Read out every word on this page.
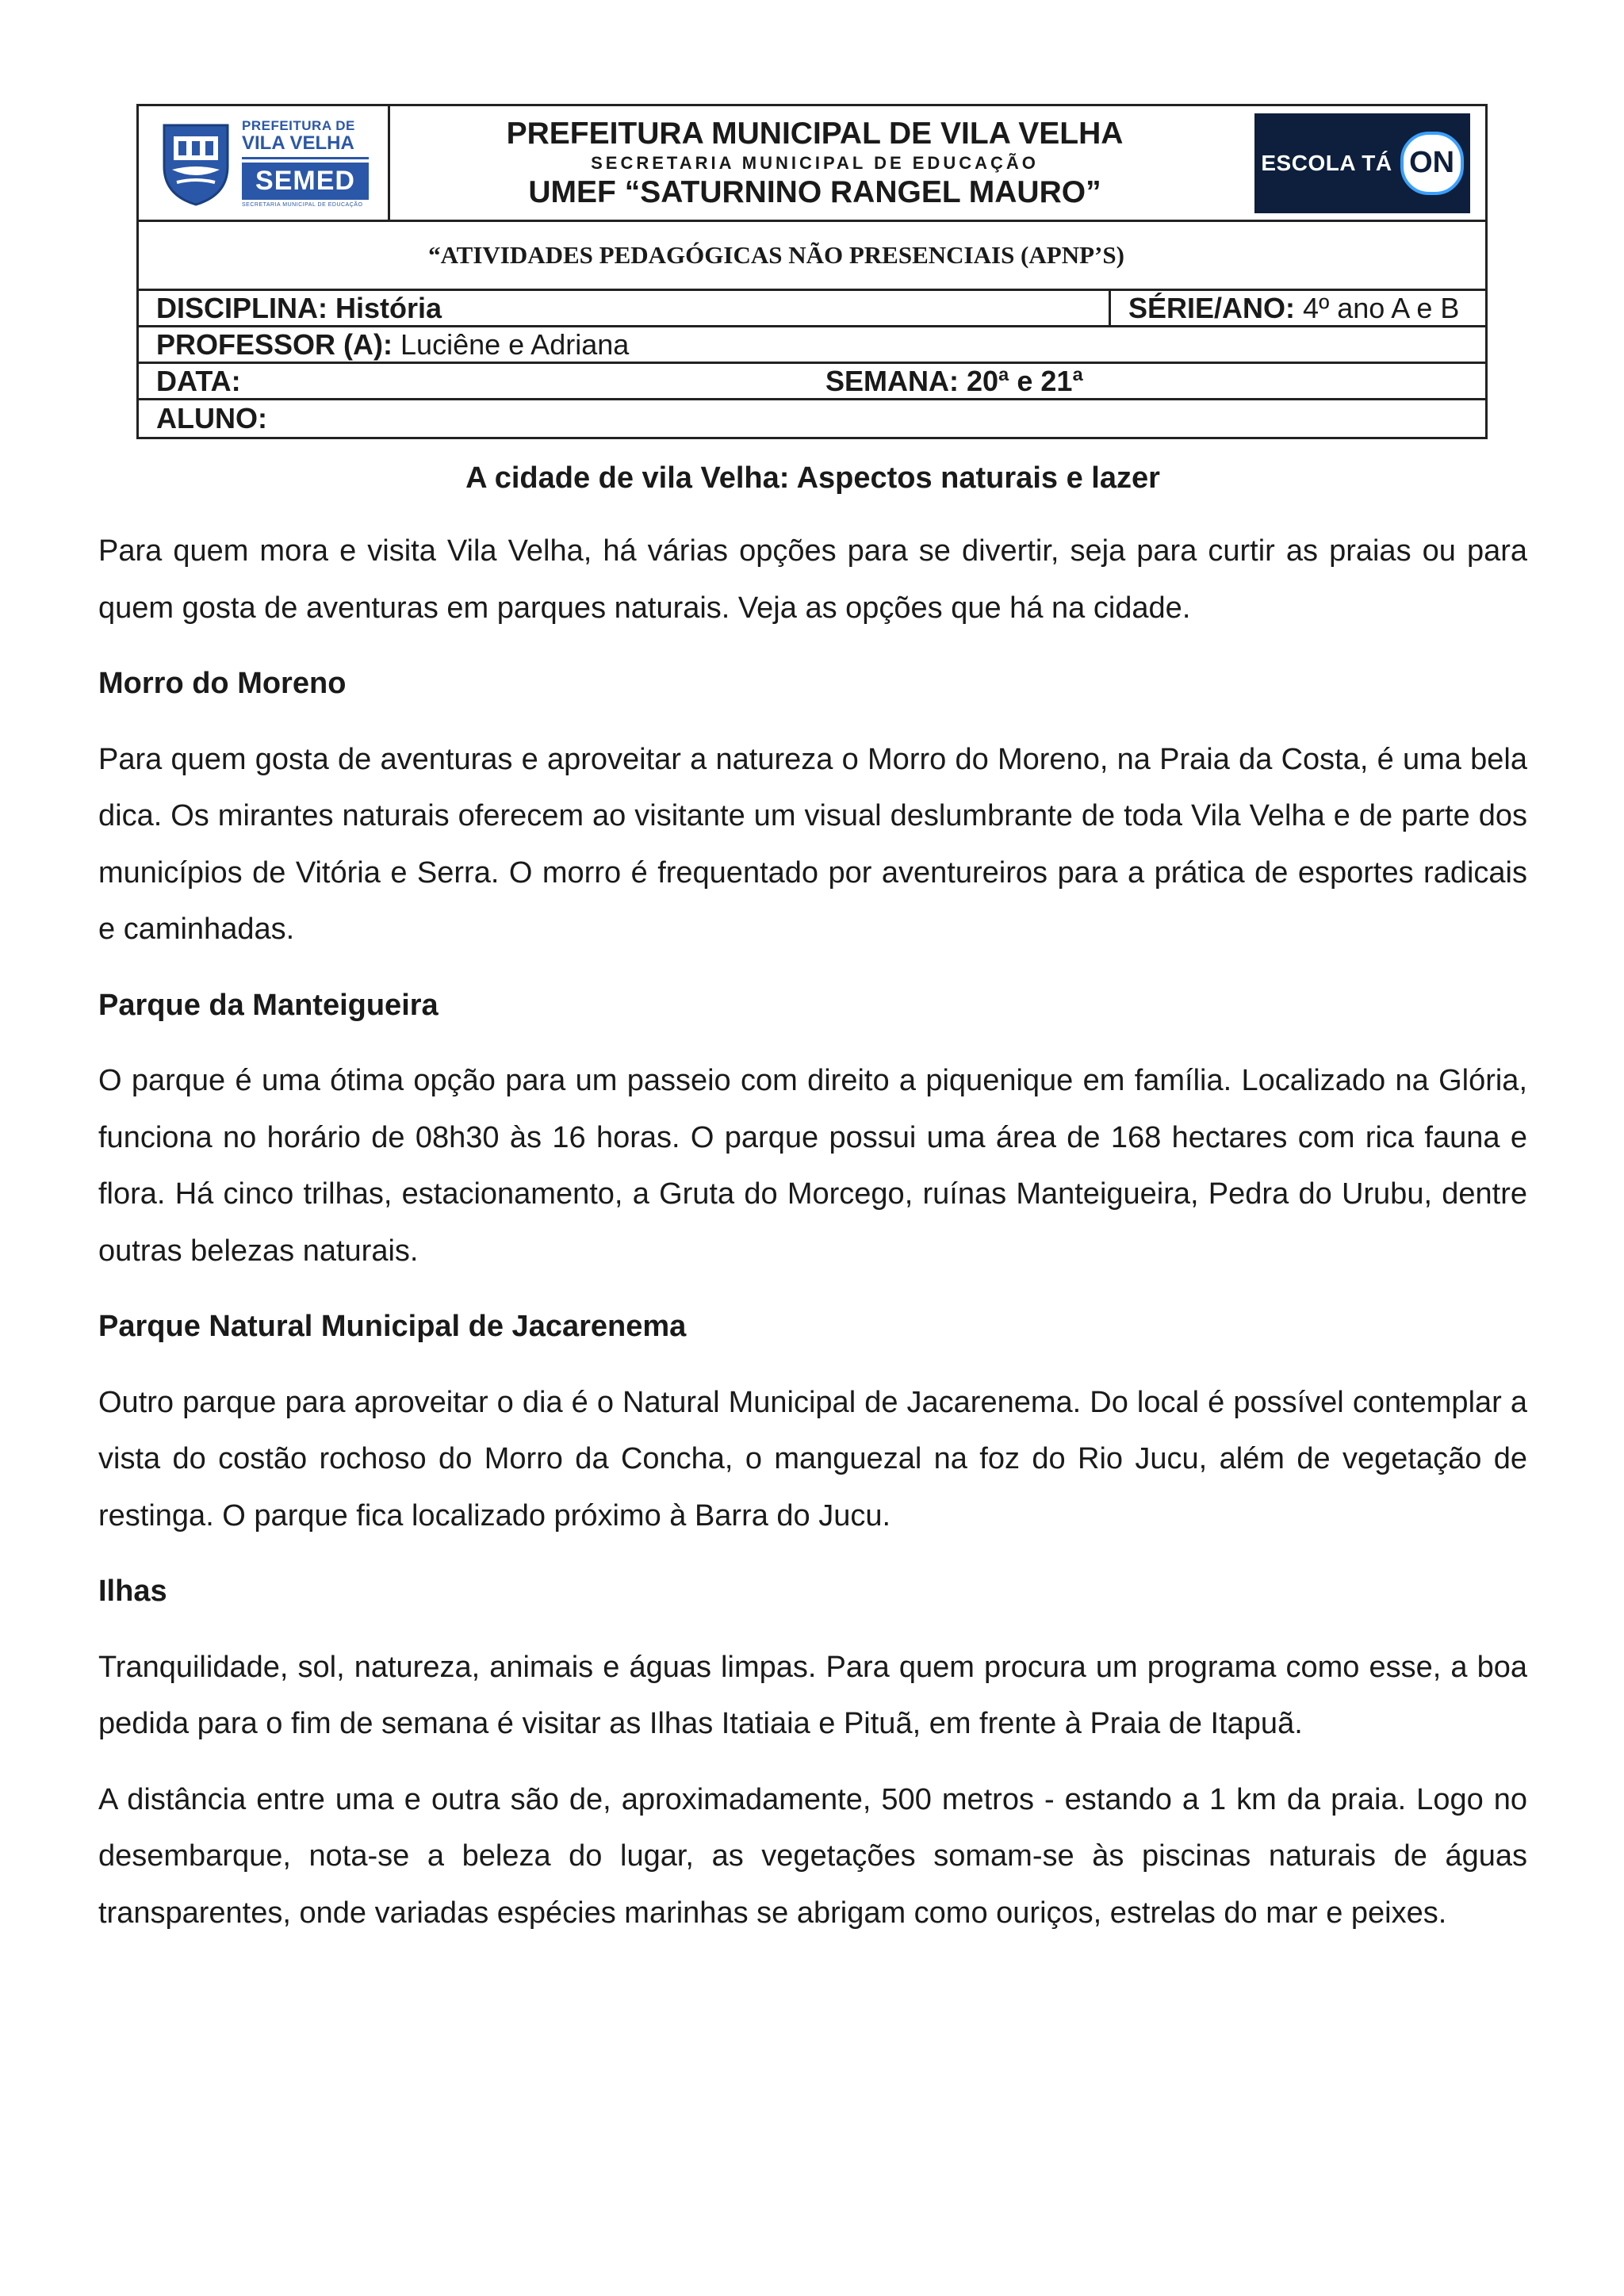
PREFEITURA DE
VILA VELHA
SEMED
SECRETARIA MUNICIPAL DE EDUCAÇÃO
PREFEITURA MUNICIPAL DE VILA VELHA
SECRETARIA MUNICIPAL DE EDUCAÇÃO
UMEF “SATURNINO RANGEL MAURO”
ESCOLA TÁ ON
“ATIVIDADES PEDAGÓGICAS NÃO PRESENCIAIS (APNP’S)
DISCIPLINA:
História	SÉRIE/ANO:
4º ano A e B
PROFESSOR (A):
Luciêne e Adriana
DATA:	SEMANA:
20ª e 21ª
ALUNO:
A cidade de vila Velha: Aspectos naturais e lazer

Para quem mora e visita Vila Velha, há várias opções para se divertir, seja para curtir as praias ou para quem gosta de aventuras em parques naturais. Veja as opções que há na cidade.

Morro do Moreno

Para quem gosta de aventuras e aproveitar a natureza o Morro do Moreno, na Praia da Costa, é uma bela dica. Os mirantes naturais oferecem ao visitante um visual deslumbrante de toda Vila Velha e de parte dos municípios de Vitória e Serra. O morro é frequentado por aventureiros para a prática de esportes radicais e caminhadas.

Parque da Manteigueira

O parque é uma ótima opção para um passeio com direito a piquenique em família. Localizado na Glória, funciona no horário de 08h30 às 16 horas. O parque possui uma área de 168 hectares com rica fauna e flora. Há cinco trilhas, estacionamento, a Gruta do Morcego, ruínas Manteigueira, Pedra do Urubu, dentre outras belezas naturais.

Parque Natural Municipal de Jacarenema

Outro parque para aproveitar o dia é o Natural Municipal de Jacarenema. Do local é possível contemplar a vista do costão rochoso do Morro da Concha, o manguezal na foz do Rio Jucu, além de vegetação de restinga. O parque fica localizado próximo à Barra do Jucu.

Ilhas

Tranquilidade, sol, natureza, animais e águas limpas. Para quem procura um programa como esse, a boa pedida para o fim de semana é visitar as Ilhas Itatiaia e Pituã, em frente à Praia de Itapuã.

A distância entre uma e outra são de, aproximadamente, 500 metros - estando a 1 km da praia. Logo no desembarque, nota-se a beleza do lugar, as vegetações somam-se às piscinas naturais de águas transparentes, onde variadas espécies marinhas se abrigam como ouriços, estrelas do mar e peixes.
